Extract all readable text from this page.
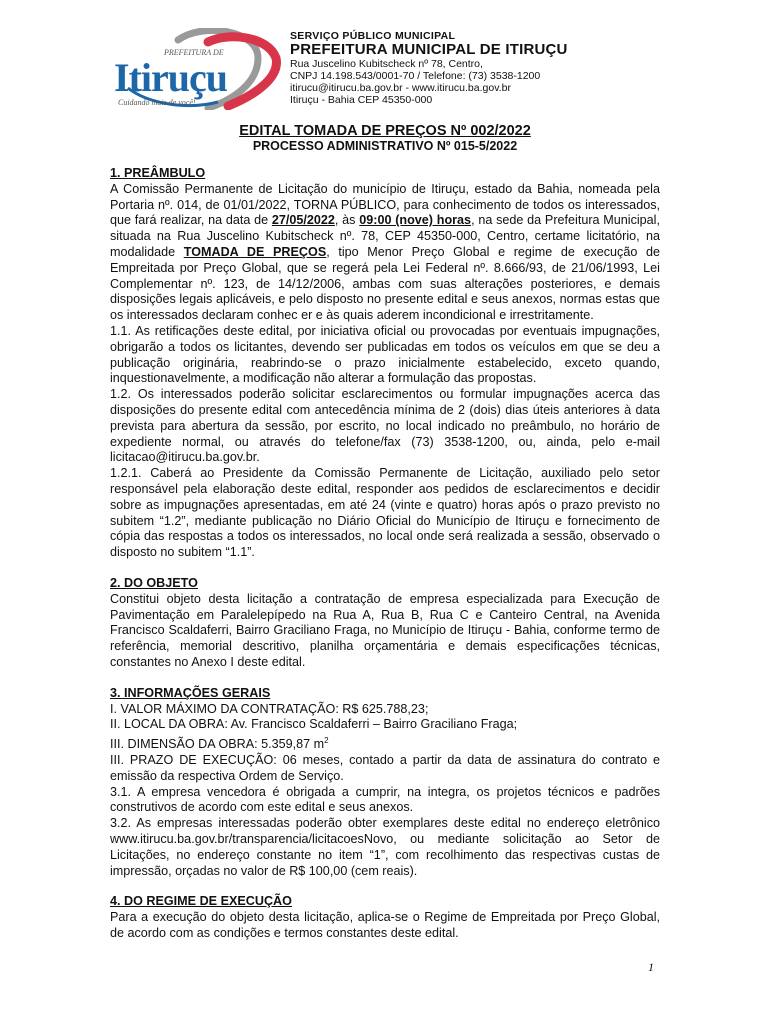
PREFEITURA DE
Itiruçu
Cuidando mais de você!
SERVIÇO PÚBLICO MUNICIPAL
PREFEITURA MUNICIPAL DE ITIRUÇU
Rua Juscelino Kubitscheck nº 78, Centro,
CNPJ 14.198.543/0001-70 / Telefone: (73) 3538-1200
itirucu@itirucu.ba.gov.br - www.itirucu.ba.gov.br
Itiruçu - Bahia CEP 45350-000
EDITAL TOMADA DE PREÇOS Nº 002/2022
PROCESSO ADMINISTRATIVO Nº 015-5/2022
1. PREÂMBULO

A Comissão Permanente de Licitação do município de Itiruçu, estado da Bahia, nomeada pela Portaria nº. 014, de 01/01/2022, TORNA PÚBLICO, para conhecimento de todos os interessados, que fará realizar, na data de 27/05/2022, às 09:00 (nove) horas, na sede da Prefeitura Municipal, situada na Rua Juscelino Kubitscheck nº. 78, CEP 45350-000, Centro, certame licitatório, na modalidade TOMADA DE PREÇOS, tipo Menor Preço Global e regime de execução de Empreitada por Preço Global, que se regerá pela Lei Federal nº. 8.666/93, de 21/06/1993, Lei Complementar nº. 123, de 14/12/2006, ambas com suas alterações posteriores, e demais disposições legais aplicáveis, e pelo disposto no presente edital e seus anexos, normas estas que os interessados declaram conhec er e às quais aderem incondicional e irrestritamente.

1.1. As retificações deste edital, por iniciativa oficial ou provocadas por eventuais impugnações, obrigarão a todos os licitantes, devendo ser publicadas em todos os veículos em que se deu a publicação originária, reabrindo-se o prazo inicialmente estabelecido, exceto quando, inquestionavelmente, a modificação não alterar a formulação das propostas.

1.2. Os interessados poderão solicitar esclarecimentos ou formular impugnações acerca das disposições do presente edital com antecedência mínima de 2 (dois) dias úteis anteriores à data prevista para abertura da sessão, por escrito, no local indicado no preâmbulo, no horário de expediente normal, ou através do telefone/fax (73) 3538-1200, ou, ainda, pelo e-mail licitacao@itirucu.ba.gov.br.

1.2.1. Caberá ao Presidente da Comissão Permanente de Licitação, auxiliado pelo setor responsável pela elaboração deste edital, responder aos pedidos de esclarecimentos e decidir sobre as impugnações apresentadas, em até 24 (vinte e quatro) horas após o prazo previsto no subitem “1.2”, mediante publicação no Diário Oficial do Município de Itiruçu e fornecimento de cópia das respostas a todos os interessados, no local onde será realizada a sessão, observado o disposto no subitem “1.1”.

2. DO OBJETO

Constitui objeto desta licitação a contratação de empresa especializada para Execução de Pavimentação em Paralelepípedo na Rua A, Rua B, Rua C e Canteiro Central, na Avenida Francisco Scaldaferri, Bairro Graciliano Fraga, no Município de Itiruçu - Bahia, conforme termo de referência, memorial descritivo, planilha orçamentária e demais especificações técnicas, constantes no Anexo I deste edital.

3. INFORMAÇÕES GERAIS

I. VALOR MÁXIMO DA CONTRATAÇÃO: R$ 625.788,23;

II. LOCAL DA OBRA: Av. Francisco Scaldaferri – Bairro Graciliano Fraga;

III. DIMENSÃO DA OBRA: 5.359,87 $m^2$

III. PRAZO DE EXECUÇÃO: 06 meses, contado a partir da data de assinatura do contrato e emissão da respectiva Ordem de Serviço.

3.1. A empresa vencedora é obrigada a cumprir, na integra, os projetos técnicos e padrões construtivos de acordo com este edital e seus anexos.

3.2. As empresas interessadas poderão obter exemplares deste edital no endereço eletrônico www.itirucu.ba.gov.br/transparencia/licitacoesNovo, ou mediante solicitação ao Setor de Licitações, no endereço constante no item “1”, com recolhimento das respectivas custas de impressão, orçadas no valor de R$ 100,00 (cem reais).

4. DO REGIME DE EXECUÇÃO

Para a execução do objeto desta licitação, aplica-se o Regime de Empreitada por Preço Global, de acordo com as condições e termos constantes deste edital.

1
